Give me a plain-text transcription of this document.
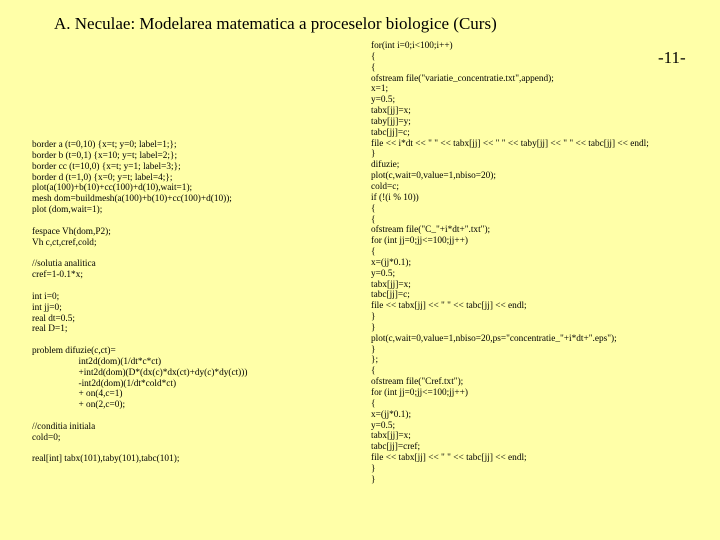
A. Neculae: Modelarea matematica a proceselor biologice (Curs)
-11-
border a (t=0,10) {x=t; y=0; label=1;};
border b (t=0,1) {x=10; y=t; label=2;};
border cc (t=10,0) {x=t; y=1; label=3;};
border d (t=1,0) {x=0; y=t; label=4;};
plot(a(100)+b(10)+cc(100)+d(10),wait=1);
mesh dom=buildmesh(a(100)+b(10)+cc(100)+d(10));
plot (dom,wait=1);
fespace Vh(dom,P2);
Vh c,ct,cref,cold;
//solutia analitica
cref=1-0.1*x;
int i=0;
int jj=0;
real dt=0.5;
real D=1;
problem difuzie(c,ct)=
int2d(dom)(1/dt*c*ct)
+int2d(dom)(D*(dx(c)*dx(ct)+dy(c)*dy(ct)))
-int2d(dom)(1/dt*cold*ct)
+ on(4,c=1)
+ on(2,c=0);
//conditia initiala
cold=0;
real[int] tabx(101),taby(101),tabc(101);
for(int i=0;i<100;i++)
{
{
ofstream file("variatie_concentratie.txt",append);
x=1;
y=0.5;
tabx[jj]=x;
taby[jj]=y;
tabc[jj]=c;
file << i*dt << " " << tabx[jj] << " " << taby[jj] << " " << tabc[jj] << endl;
}
difuzie;
plot(c,wait=0,value=1,nbiso=20);
cold=c;
if (!(i % 10))
{
{
ofstream file("C_"+i*dt+".txt");
for (int jj=0;jj<=100;jj++)
{
x=(jj*0.1);
y=0.5;
tabx[jj]=x;
tabc[jj]=c;
file << tabx[jj] << " " << tabc[jj] << endl;
}
}
plot(c,wait=0,value=1,nbiso=20,ps="concentratie_"+i*dt+".eps");
}
};
{
ofstream file("Cref.txt");
for (int jj=0;jj<=100;jj++)
{
x=(jj*0.1);
y=0.5;
tabx[jj]=x;
tabc[jj]=cref;
file << tabx[jj] << " " << tabc[jj] << endl;
}
}
